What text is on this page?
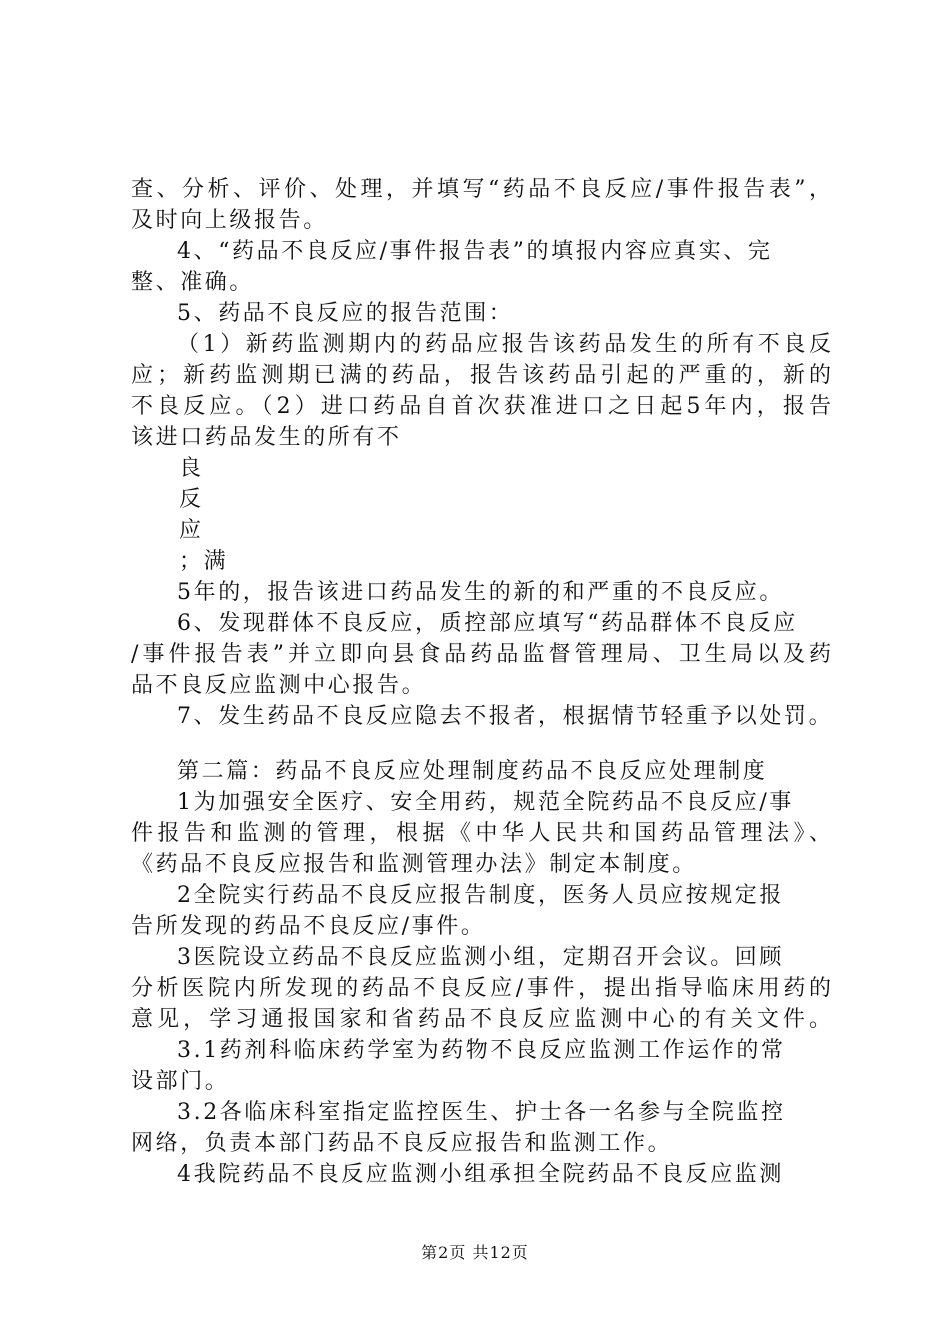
查、分析、评价、处理，并填写“药品不良反应/事件报告表”，
及时向上级报告。
4、“药品不良反应/事件报告表”的填报内容应真实、完
整、准确。
5、药品不良反应的报告范围：
（1）新药监测期内的药品应报告该药品发生的所有不良反
应；新药监测期已满的药品，报告该药品引起的严重的，新的
不良反应。（2）进口药品自首次获准进口之日起5年内，报告
该进口药品发生的所有不
良
反
应
；满
5年的，报告该进口药品发生的新的和严重的不良反应。
6、发现群体不良反应，质控部应填写“药品群体不良反应
/事件报告表”并立即向县食品药品监督管理局、卫生局以及药
品不良反应监测中心报告。
7、发生药品不良反应隐去不报者，根据情节轻重予以处罚。
第二篇：药品不良反应处理制度药品不良反应处理制度
1为加强安全医疗、安全用药，规范全院药品不良反应/事
件报告和监测的管理，根据《中华人民共和国药品管理法》、
《药品不良反应报告和监测管理办法》制定本制度。
2全院实行药品不良反应报告制度，医务人员应按规定报
告所发现的药品不良反应/事件。
3医院设立药品不良反应监测小组，定期召开会议。回顾
分析医院内所发现的药品不良反应/事件，提出指导临床用药的
意见，学习通报国家和省药品不良反应监测中心的有关文件。
3.1药剂科临床药学室为药物不良反应监测工作运作的常
设部门。
3.2各临床科室指定监控医生、护士各一名参与全院监控
网络，负责本部门药品不良反应报告和监测工作。
4我院药品不良反应监测小组承担全院药品不良反应监测
第2页 共12页
